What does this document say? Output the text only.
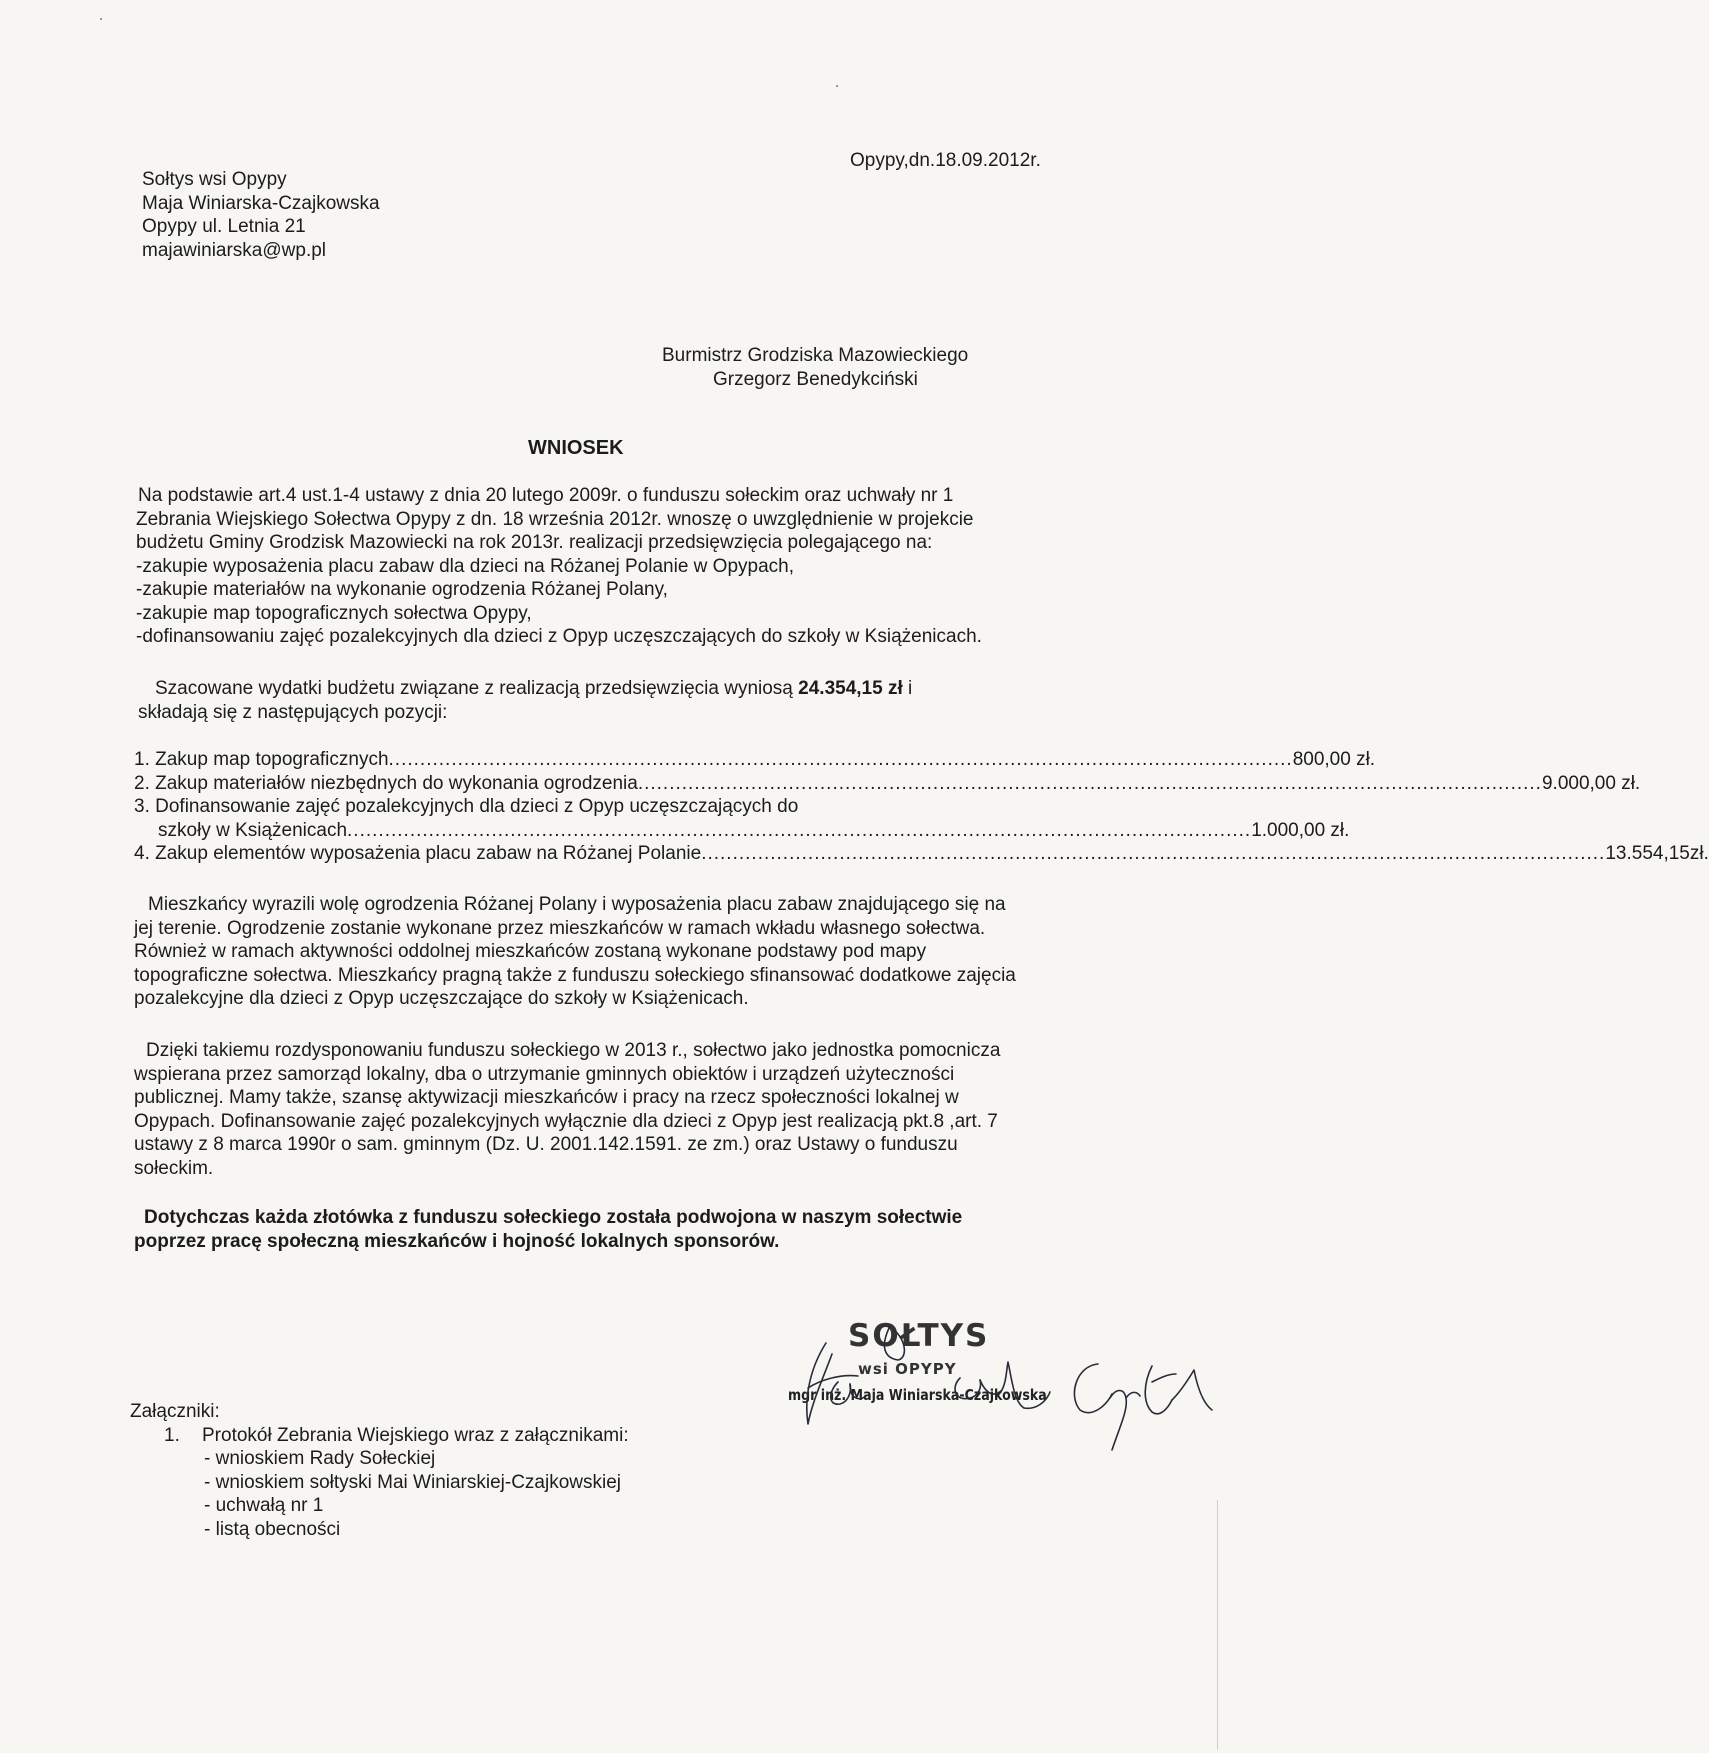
Sołtys wsi Opypy
Maja Winiarska-Czajkowska
Opypy ul. Letnia 21
majawiniarska@wp.pl
Opypy,dn.18.09.2012r.
Burmistrz Grodziska Mazowieckiego
Grzegorz Benedykciński
WNIOSEK
Na podstawie art.4 ust.1-4 ustawy z dnia 20 lutego 2009r. o funduszu sołeckim oraz uchwały nr 1
Zebrania Wiejskiego Sołectwa Opypy z dn. 18 września 2012r. wnoszę o uwzględnienie w projekcie
budżetu Gminy Grodzisk Mazowiecki na rok 2013r. realizacji przedsięwzięcia polegającego na:
-zakupie wyposażenia placu zabaw dla dzieci na Różanej Polanie w Opypach,
-zakupie materiałów na wykonanie ogrodzenia Różanej Polany,
-zakupie map topograficznych sołectwa Opypy,
-dofinansowaniu zajęć pozalekcyjnych dla dzieci z Opyp uczęszczających do szkoły w Książenicach.
Szacowane wydatki budżetu związane z realizacją przedsięwzięcia wyniosą 24.354,15 zł i
składają się z następujących pozycji:
1. Zakup map topograficznych ................................................................................................................................................ 800,00 zł.
2. Zakup materiałów niezbędnych do wykonania ogrodzenia ................................................................................................................................................ 9.000,00 zł.
3. Dofinansowanie zajęć pozalekcyjnych dla dzieci z Opyp uczęszczających do
szkoły w Książenicach ................................................................................................................................................ 1.000,00 zł.
4. Zakup elementów wyposażenia placu zabaw na Różanej Polanie ................................................................................................................................................ 13.554,15zł.
Mieszkańcy wyrazili wolę ogrodzenia Różanej Polany i wyposażenia placu zabaw znajdującego się na
jej terenie. Ogrodzenie zostanie wykonane przez mieszkańców w ramach wkładu własnego sołectwa.
Również w ramach aktywności oddolnej mieszkańców zostaną wykonane podstawy pod mapy
topograficzne sołectwa. Mieszkańcy pragną także z funduszu sołeckiego sfinansować dodatkowe zajęcia
pozalekcyjne dla dzieci z Opyp uczęszczające do szkoły w Książenicach.
Dzięki takiemu rozdysponowaniu funduszu sołeckiego w 2013 r., sołectwo jako jednostka pomocnicza
wspierana przez samorząd lokalny, dba o utrzymanie gminnych obiektów i urządzeń użyteczności
publicznej. Mamy także, szansę aktywizacji mieszkańców i pracy na rzecz społeczności lokalnej w
Opypach. Dofinansowanie zajęć pozalekcyjnych wyłącznie dla dzieci z Opyp jest realizacją pkt.8 ,art. 7
ustawy z 8 marca 1990r o sam. gminnym (Dz. U. 2001.142.1591. ze zm.) oraz Ustawy o funduszu
sołeckim.
Dotychczas każda złotówka z funduszu sołeckiego została podwojona w naszym sołectwie
poprzez pracę społeczną mieszkańców i hojność lokalnych sponsorów.
SOŁTYS
wsi OPYPY
mgr inż. Maja Winiarska-Czajkowska
Załączniki:
1. Protokół Zebrania Wiejskiego wraz z załącznikami:
- wnioskiem Rady Sołeckiej
- wnioskiem sołtyski Mai Winiarskiej-Czajkowskiej
- uchwałą nr 1
- listą obecności
